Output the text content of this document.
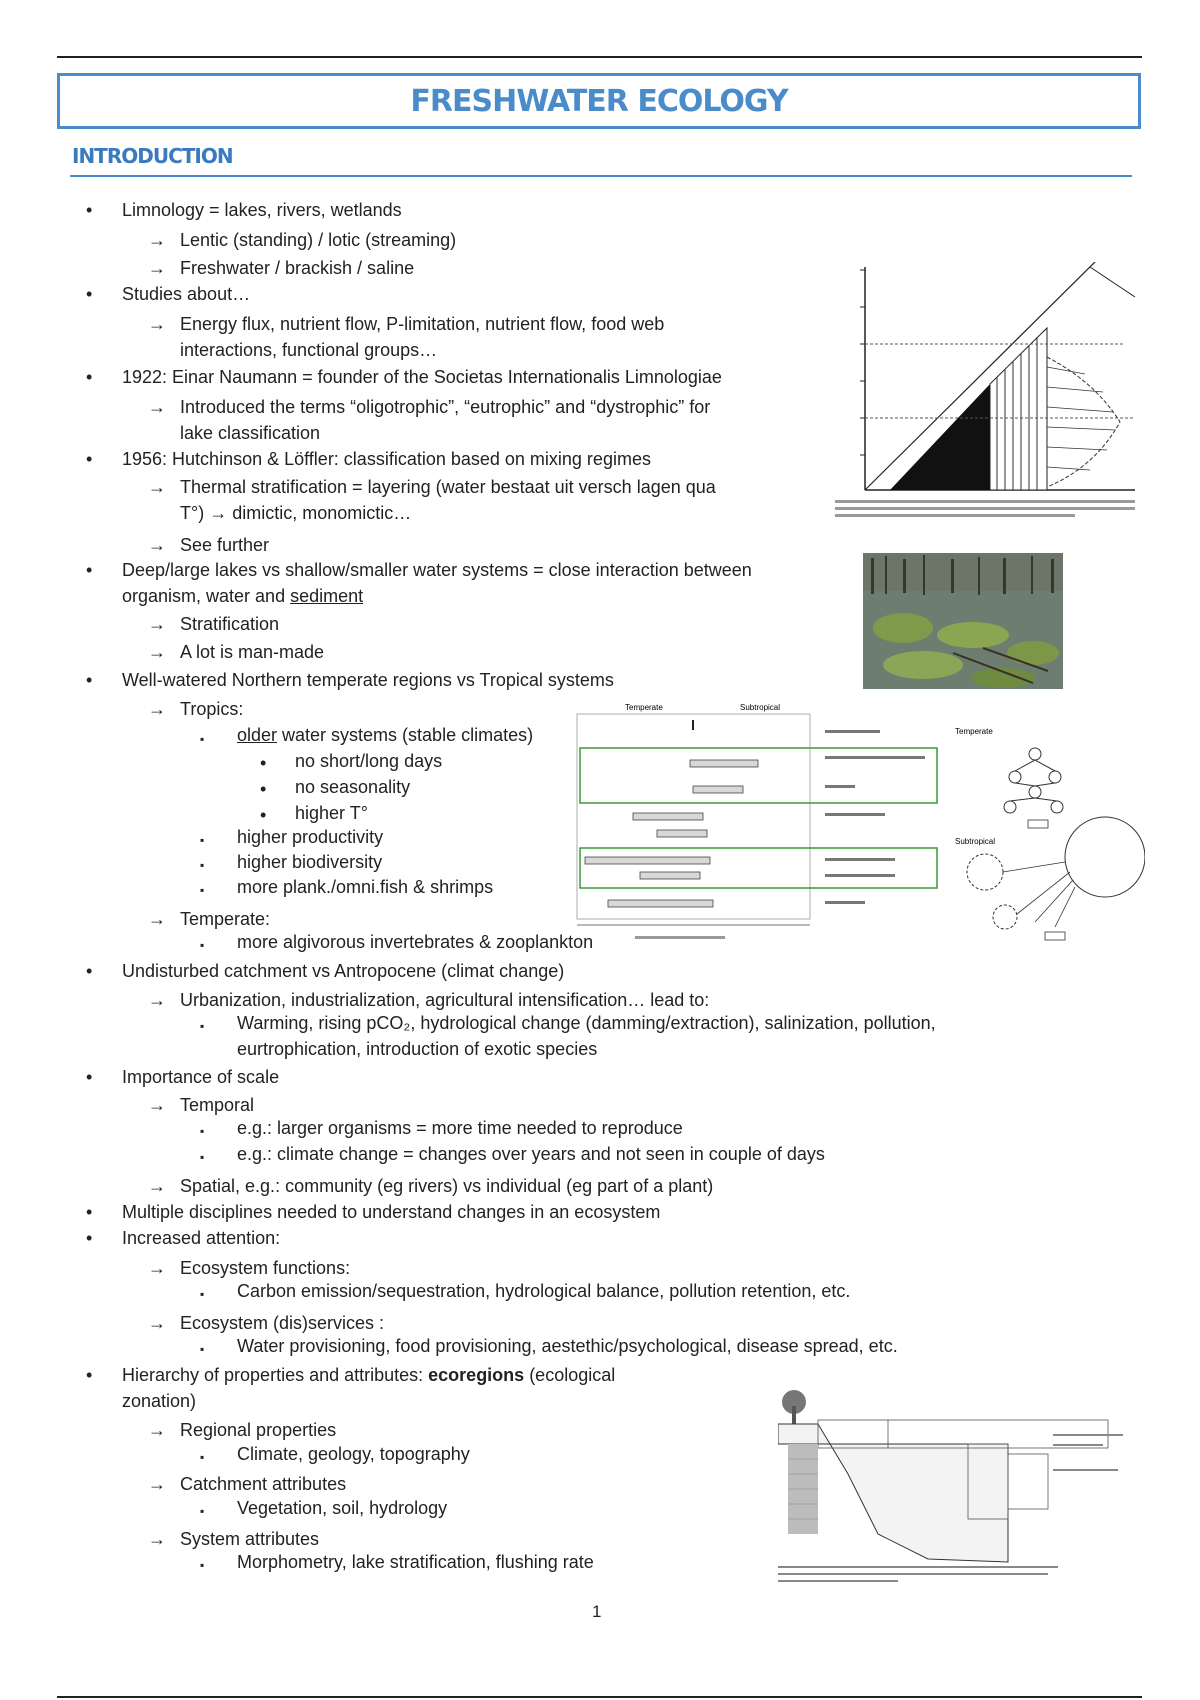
FRESHWATER ECOLOGY
INTRODUCTION
•
→
→
•
→
•
→
•
→
→
•
→
→
•
→
▪
•
•
•
▪
▪
▪
→
▪
•
→
▪
•
→
▪
▪
→
•
•
→
▪
→
▪
•
→
▪
→
▪
→
▪
Limnology = lakes, rivers, wetlands
Lentic (standing) / lotic (streaming)
Freshwater / brackish / saline
Studies about…
Energy flux, nutrient flow, P-limitation, nutrient flow, food web
interactions, functional groups…
1922: Einar Naumann = founder of the Societas Internationalis Limnologiae
Introduced the terms “oligotrophic”, “eutrophic” and “dystrophic” for
lake classification
1956: Hutchinson & Löffler: classification based on mixing regimes
Thermal stratification = layering (water bestaat uit versch lagen qua
T°) → dimictic, monomictic…
See further
Deep/large lakes vs shallow/smaller water systems = close interaction between
organism, water and sediment
Stratification
A lot is man-made
Well-watered Northern temperate regions vs Tropical systems
Tropics:
older water systems (stable climates)
no short/long days
no seasonality
higher T°
higher productivity
higher biodiversity
more plank./omni.fish & shrimps
Temperate:
more algivorous invertebrates & zooplankton
Undisturbed catchment vs Antropocene (climat change)
Urbanization, industrialization, agricultural intensification… lead to:
Warming, rising pCO₂, hydrological change (damming/extraction), salinization, pollution,
eurtrophication, introduction of exotic species
Importance of scale
Temporal
e.g.: larger organisms = more time needed to reproduce
e.g.: climate change = changes over years and not seen in couple of days
Spatial, e.g.: community (eg rivers) vs individual (eg part of a plant)
Multiple disciplines needed to understand changes in an ecosystem
Increased attention:
Ecosystem functions:
Carbon emission/sequestration, hydrological balance, pollution retention, etc.
Ecosystem (dis)services :
Water provisioning, food provisioning, aestethic/psychological, disease spread, etc.
Hierarchy of properties and attributes: ecoregions (ecological
zonation)
Regional properties
Climate, geology, topography
Catchment attributes
Vegetation, soil, hydrology
System attributes
Morphometry, lake stratification, flushing rate
Temperate	Subtropical
Temperate
Subtropical
1
